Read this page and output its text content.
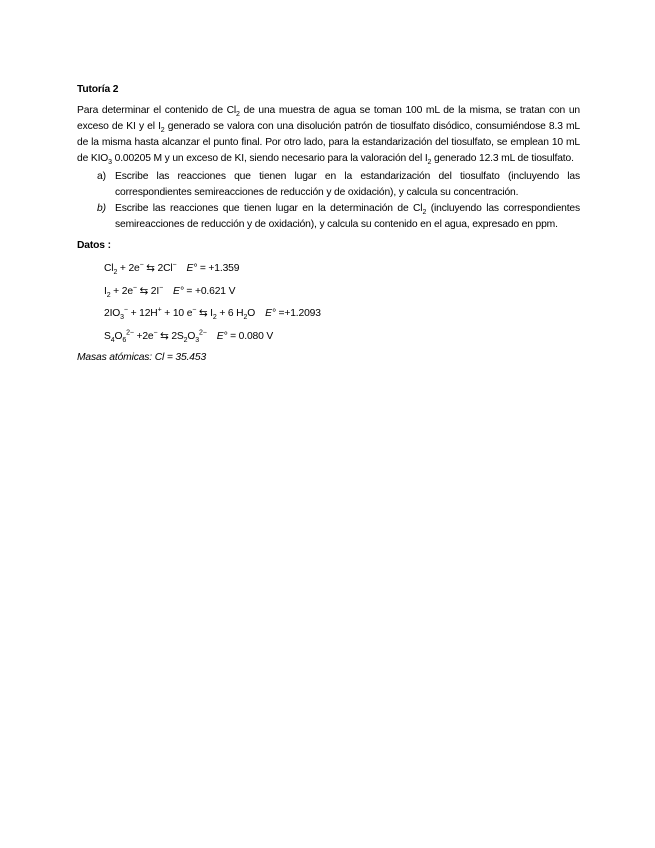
Tutoría 2

Para determinar el contenido de $Cl_2$ de una muestra de agua se toman 100 mL de la misma, se tratan con un exceso de KI y el $I_2$ generado se valora con una disolución patrón de tiosulfato disódico, consumiéndose 8.3 mL de la misma hasta alcanzar el punto final. Por otro lado, para la estandarización del tiosulfato, se emplean 10 mL de $KIO_3$ 0.00205 M y un exceso de KI, siendo necesario para la valoración del $I_2$ generado 12.3 mL de tiosulfato.

a) Escribe las reacciones que tienen lugar en la estandarización del tiosulfato (incluyendo las correspondientes semireacciones de reducción y de oxidación), y calcula su concentración.
b) Escribe las reacciones que tienen lugar en la determinación de $Cl_2$ (incluyendo las correspondientes semireacciones de reducción y de oxidación), y calcula su contenido en el agua, expresado en ppm.

Datos :

$Cl_2 + 2e^-$ ⇆ 2Cl− E° = +1.359
$I_2 + 2e^-$ ⇆ 2I− E° = +0.621 V
$2IO_3^- + 12H^+ + 10$ e− ⇆ $I_2 + 6$ $H_2O$ E° =+1.2093
$S_4O_6^{2-} +2e^-$ ⇆ $2S_2O_3^{2-}$ E° = 0.080 V

Masas atómicas: Cl = 35.453
